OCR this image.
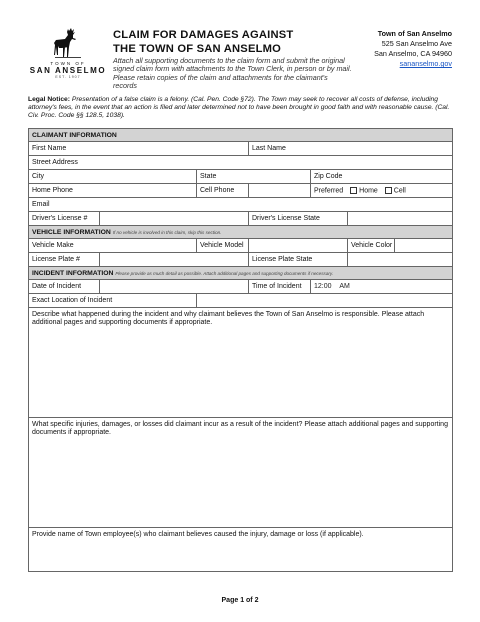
TOWN OF
SAN ANSELMO
EST. 1907
CLAIM FOR DAMAGES AGAINST
THE TOWN OF SAN ANSELMO

Attach all supporting documents to the claim form and submit the original signed claim form with attachments to the Town Clerk, in person or by mail. Please retain copies of the claim and attachments for the claimant's records

Town of San Anselmo
525 San Anselmo Ave
San Anselmo, CA 94960
sananselmo.gov
Legal Notice: Presentation of a false claim is a felony. (Cal. Pen. Code §72). The Town may seek to recover all costs of defense, including attorney's fees, in the event that an action is filed and later determined not to have been brought in good faith and with reasonable cause. (Cal. Civ. Proc. Code §§ 128.5, 1038).
CLAIMANT INFORMATION						
First Name			Last Name			
Street Address						
City		State		Zip Code		
Home Phone		Cell Phone		Preferred Home Cell		
Email						
Driver's License #			Driver's License State			
VEHICLE INFORMATION If no vehicle is involved in this claim, skip this section.						
Vehicle Make		Vehicle Model			Vehicle Color	
License Plate #			License Plate State			
INCIDENT INFORMATION Please provide as much detail as possible. Attach additional pages and supporting documents if necessary.						
Date of Incident			Time of Incident	12:00 AM		
Exact Location of Incident						
Describe what happened during the incident and why claimant believes the Town of San Anselmo is responsible. Please attach additional pages and supporting documents if appropriate.						
What specific injuries, damages, or losses did claimant incur as a result of the incident? Please attach additional pages and supporting documents if appropriate.						
Provide name of Town employee(s) who claimant believes caused the injury, damage or loss (if applicable).						
Page 1 of 2
